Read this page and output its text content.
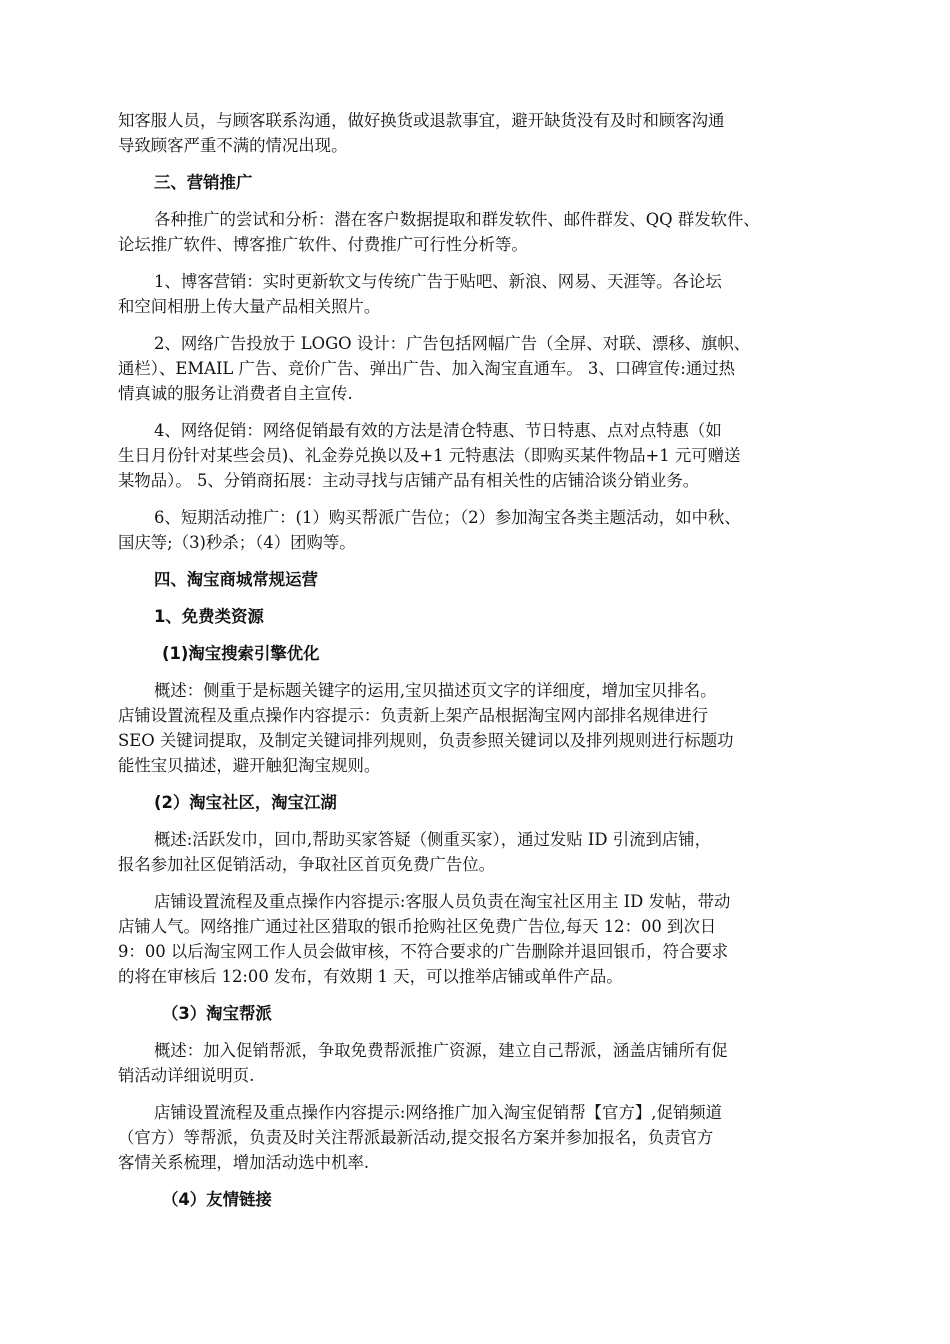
知客服人员，与顾客联系沟通，做好换货或退款事宜，避开缺货没有及时和顾客沟通
导致顾客严重不满的情况出现。
三、营销推广
各种推广的尝试和分析：潜在客户数据提取和群发软件、邮件群发、QQ 群发软件、
论坛推广软件、博客推广软件、付费推广可行性分析等。
1、博客营销：实时更新软文与传统广告于贴吧、新浪、网易、天涯等。各论坛
和空间相册上传大量产品相关照片。
2、网络广告投放于 LOGO 设计：广告包括网幅广告（全屏、对联、漂移、旗帜、
通栏）、EMAIL 广告、竞价广告、弹出广告、加入淘宝直通车。 3、口碑宣传:通过热
情真诚的服务让消费者自主宣传.
4、网络促销：网络促销最有效的方法是清仓特惠、节日特惠、点对点特惠（如
生日月份针对某些会员)、礼金券兑换以及+1 元特惠法（即购买某件物品+1 元可赠送
某物品）。 5、分销商拓展：主动寻找与店铺产品有相关性的店铺洽谈分销业务。
6、短期活动推广：(1）购买帮派广告位；（2）参加淘宝各类主题活动，如中秋、
国庆等;（3)秒杀；（4）团购等。
四、淘宝商城常规运营
1、免费类资源
(1)淘宝搜索引擎优化
概述：侧重于是标题关键字的运用,宝贝描述页文字的详细度，增加宝贝排名。
店铺设置流程及重点操作内容提示：负责新上架产品根据淘宝网内部排名规律进行
SEO 关键词提取，及制定关键词排列规则，负责参照关键词以及排列规则进行标题功
能性宝贝描述，避开触犯淘宝规则。
(2）淘宝社区，淘宝江湖
概述:活跃发巾，回巾,帮助买家答疑（侧重买家），通过发贴 ID 引流到店铺，
报名参加社区促销活动，争取社区首页免费广告位。
店铺设置流程及重点操作内容提示:客服人员负责在淘宝社区用主 ID 发帖，带动
店铺人气。网络推广通过社区猎取的银币抢购社区免费广告位,每天 12：00 到次日
9：00 以后淘宝网工作人员会做审核，不符合要求的广告删除并退回银币，符合要求
的将在审核后 12:00 发布，有效期 1 天，可以推举店铺或单件产品。
（3）淘宝帮派
概述：加入促销帮派，争取免费帮派推广资源，建立自己帮派，涵盖店铺所有促
销活动详细说明页.
店铺设置流程及重点操作内容提示:网络推广加入淘宝促销帮【官方】,促销频道
（官方）等帮派，负责及时关注帮派最新活动,提交报名方案并参加报名，负责官方
客情关系梳理，增加活动选中机率.
（4）友情链接
